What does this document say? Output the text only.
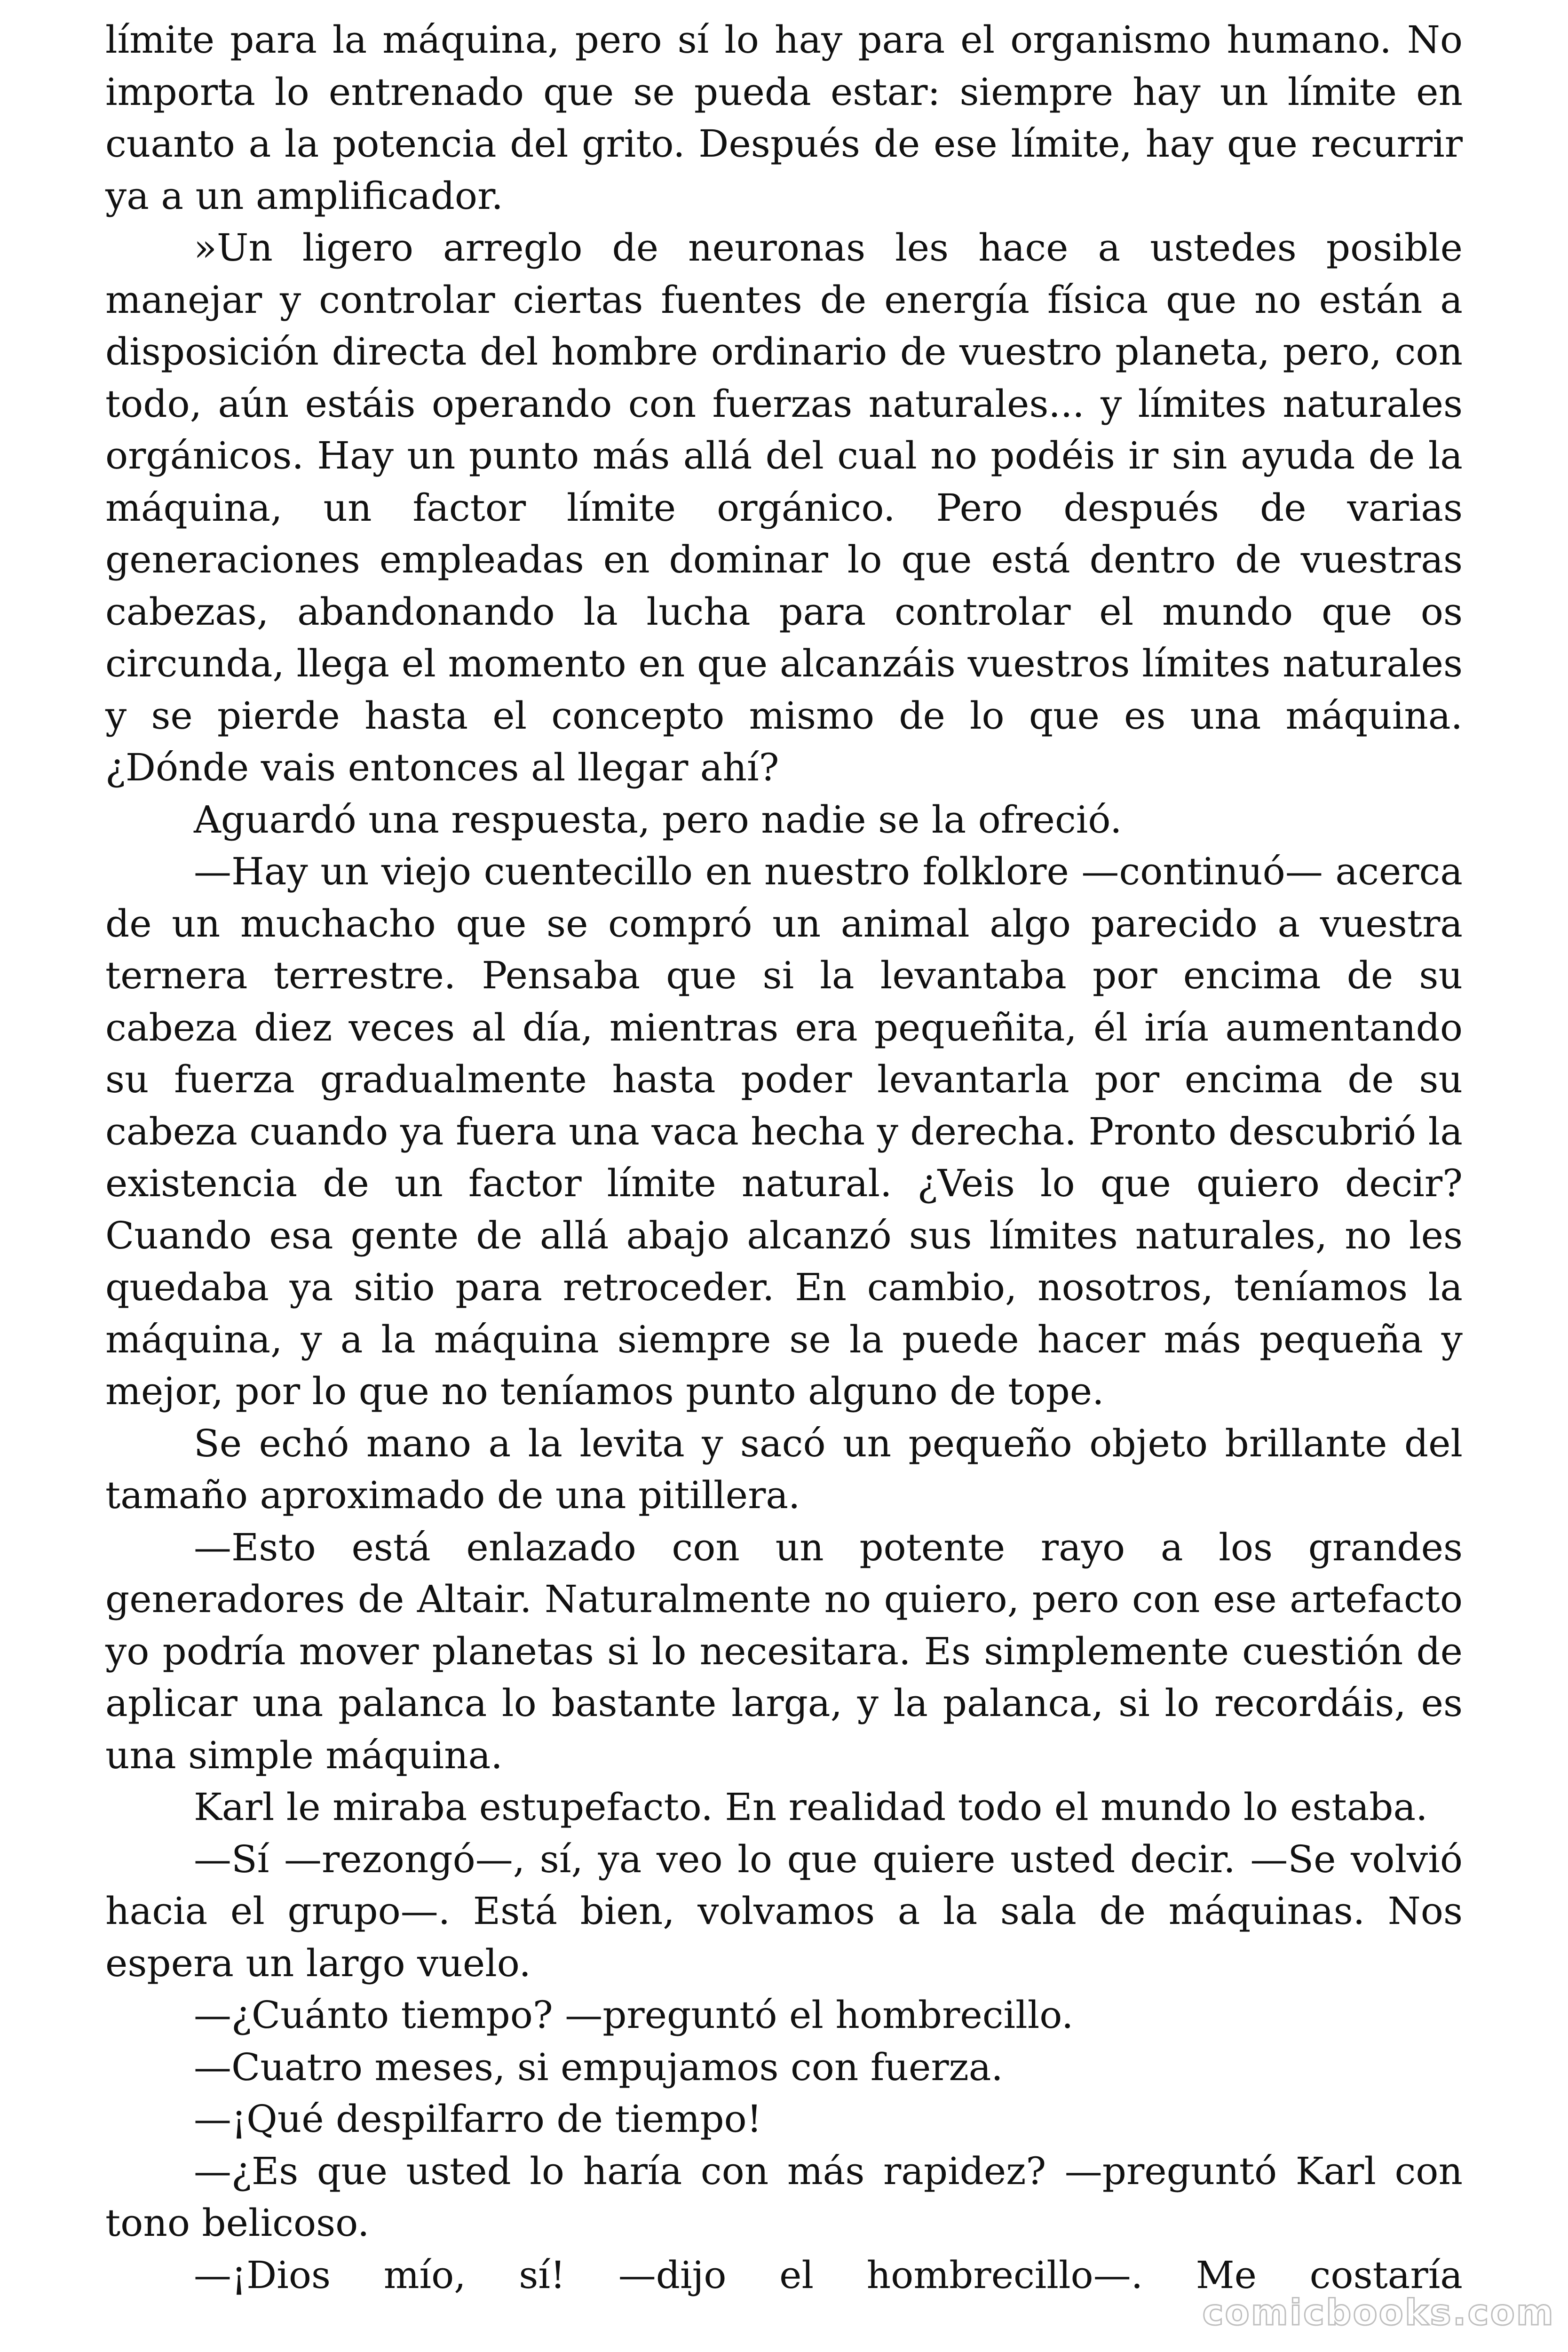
límite para la máquina, pero sí lo hay para el organismo humano. No importa lo entrenado que se pueda estar: siempre hay un límite en cuanto a la potencia del grito. Después de ese límite, hay que recurrir ya a un amplificador.

»Un ligero arreglo de neuronas les hace a ustedes posible manejar y controlar ciertas fuentes de energía física que no están a disposición directa del hombre ordinario de vuestro planeta, pero, con todo, aún estáis operando con fuerzas naturales... y límites naturales orgánicos. Hay un punto más allá del cual no podéis ir sin ayuda de la máquina, un factor límite orgánico. Pero después de varias generaciones empleadas en dominar lo que está dentro de vuestras cabezas, abandonando la lucha para controlar el mundo que os circunda, llega el momento en que alcanzáis vuestros límites naturales y se pierde hasta el concepto mismo de lo que es una máquina. ¿Dónde vais entonces al llegar ahí?

Aguardó una respuesta, pero nadie se la ofreció.

—Hay un viejo cuentecillo en nuestro folklore —continuó— acerca de un muchacho que se compró un animal algo parecido a vuestra ternera terrestre. Pensaba que si la levantaba por encima de su cabeza diez veces al día, mientras era pequeñita, él iría aumentando su fuerza gradualmente hasta poder levantarla por encima de su cabeza cuando ya fuera una vaca hecha y derecha. Pronto descubrió la existencia de un factor límite natural. ¿Veis lo que quiero decir? Cuando esa gente de allá abajo alcanzó sus límites naturales, no les quedaba ya sitio para retroceder. En cambio, nosotros, teníamos la máquina, y a la máquina siempre se la puede hacer más pequeña y mejor, por lo que no teníamos punto alguno de tope.

Se echó mano a la levita y sacó un pequeño objeto brillante del tamaño aproximado de una pitillera.

—Esto está enlazado con un potente rayo a los grandes generadores de Altair. Naturalmente no quiero, pero con ese artefacto yo podría mover planetas si lo necesitara. Es simplemente cuestión de aplicar una palanca lo bastante larga, y la palanca, si lo recordáis, es una simple máquina.

Karl le miraba estupefacto. En realidad todo el mundo lo estaba.

—Sí —rezongó—, sí, ya veo lo que quiere usted decir. —Se volvió hacia el grupo—. Está bien, volvamos a la sala de máquinas. Nos espera un largo vuelo.

—¿Cuánto tiempo? —preguntó el hombrecillo.

—Cuatro meses, si empujamos con fuerza.

—¡Qué despilfarro de tiempo!

—¿Es que usted lo haría con más rapidez? —preguntó Karl con tono belicoso.

—¡Dios mío, sí! —dijo el hombrecillo—. Me costaría

comicbooks.com
